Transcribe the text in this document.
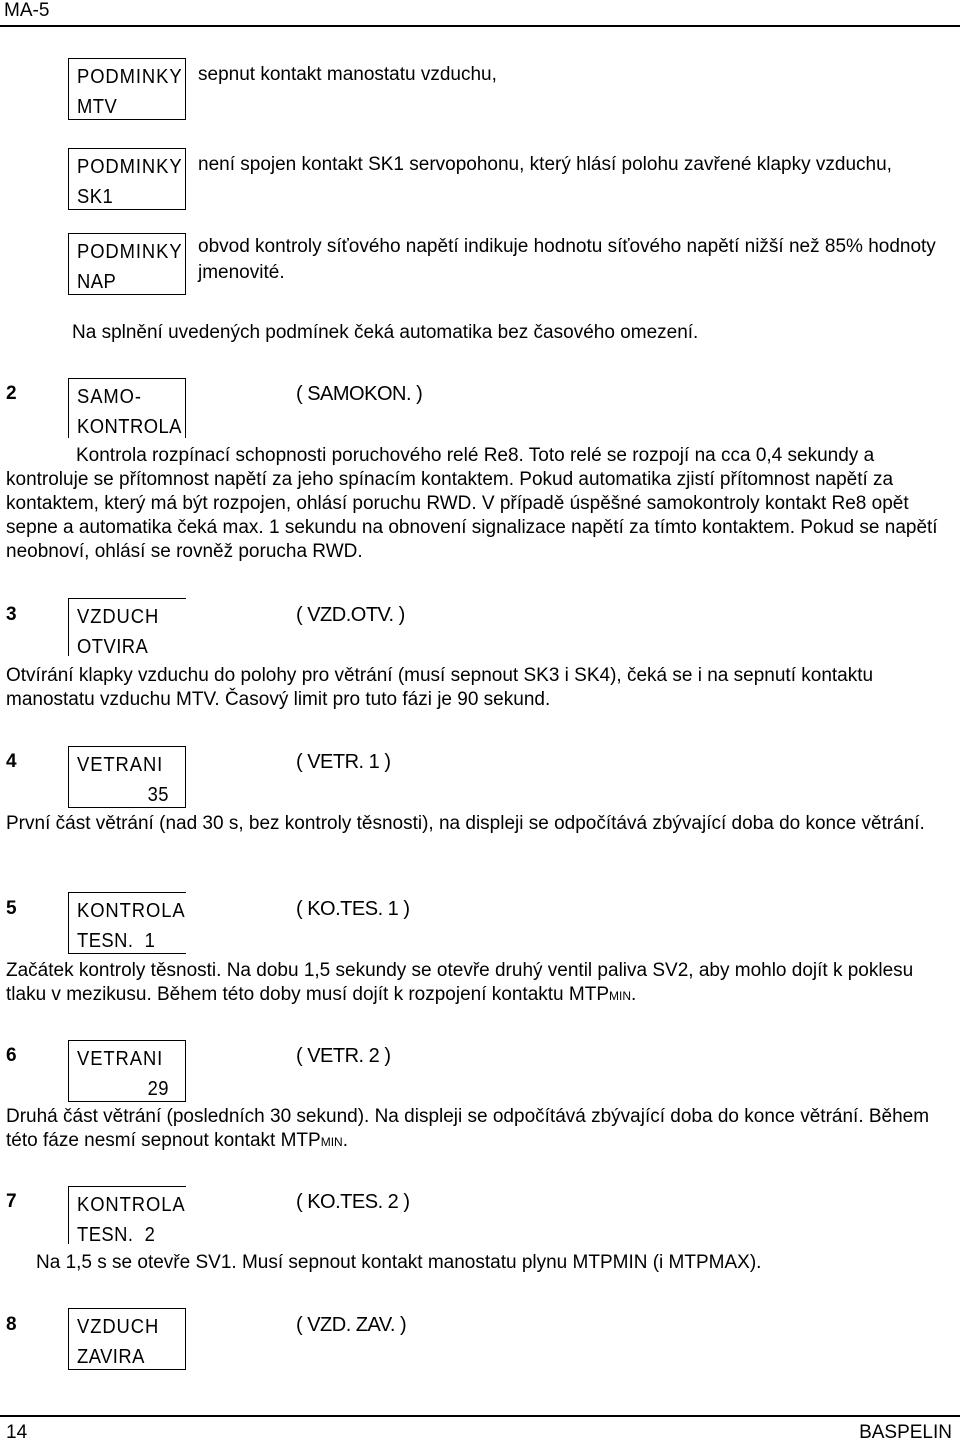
MA-5
PODMINKY
MTV
sepnut kontakt manostatu vzduchu,
PODMINKY
SK1
není spojen kontakt SK1 servopohonu, který hlásí polohu zavřené klapky vzduchu,
PODMINKY
NAP
obvod kontroly síťového napětí indikuje hodnotu síťového napětí nižší než 85% hodnoty jmenovité.
Na splnění uvedených podmínek čeká automatika bez časového omezení.
2	SAMO-
KONTROLA
( SAMOKON. )
Kontrola rozpínací schopnosti poruchového relé Re8. Toto relé se rozpojí na cca 0,4 sekundy a kontroluje se přítomnost napětí za jeho spínacím kontaktem. Pokud automatika zjistí přítomnost napětí za kontaktem, který má být rozpojen, ohlásí poruchu RWD. V případě úspěšné samokontroly kontakt Re8 opět sepne a automatika čeká max. 1 sekundu na obnovení signalizace napětí za tímto kontaktem. Pokud se napětí neobnoví, ohlásí se rovněž porucha RWD.
3	VZDUCH
OTVIRA
( VZD.OTV. )
Otvírání klapky vzduchu do polohy pro větrání (musí sepnout SK3 i SK4), čeká se i na sepnutí kontaktu manostatu vzduchu MTV. Časový limit pro tuto fázi je 90 sekund.
4	VETRANI
35
( VETR. 1 )
První část větrání (nad 30 s, bez kontroly těsnosti), na displeji se odpočítává zbývající doba do konce větrání.
5	KONTROLA
TESN.  1
( KO.TES. 1 )
Začátek kontroly těsnosti. Na dobu 1,5 sekundy se otevře druhý ventil paliva SV2, aby mohlo dojít k poklesu tlaku v mezikusu. Během této doby musí dojít k rozpojení kontaktu MTPMIN.
6	VETRANI
29
( VETR. 2 )
Druhá část větrání (posledních 30 sekund). Na displeji se odpočítává zbývající doba do konce větrání. Během této fáze nesmí sepnout kontakt MTPMIN.
7	KONTROLA
TESN.  2
( KO.TES. 2 )
Na 1,5 s se otevře SV1. Musí sepnout kontakt manostatu plynu MTPMIN (i MTPMAX).
8	VZDUCH
ZAVIRA
( VZD. ZAV. )
14	BASPELIN
